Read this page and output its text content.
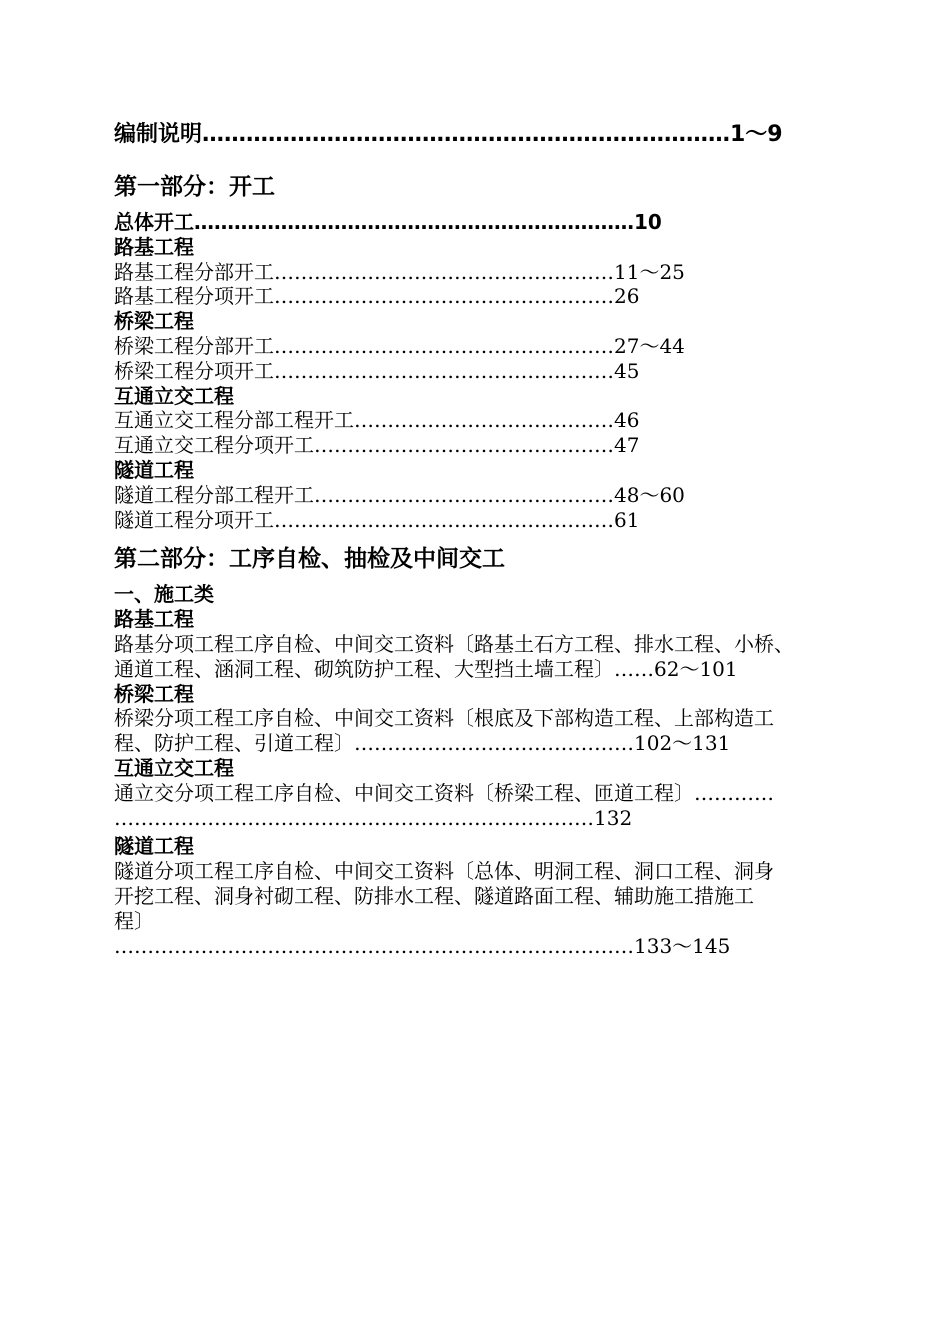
编制说明………………………………………………………………1～9
第一部分：开工
总体开工…………………………………………………………10
路基工程
路基工程分部开工……………………………………………11～25
路基工程分项开工……………………………………………26
桥梁工程
桥梁工程分部开工……………………………………………27～44
桥梁工程分项开工……………………………………………45
互通立交工程
互通立交工程分部工程开工…………………………………46
互通立交工程分项开工………………………………………47
隧道工程
隧道工程分部工程开工………………………………………48～60
隧道工程分项开工……………………………………………61
第二部分：工序自检、抽检及中间交工
一、施工类
路基工程
路基分项工程工序自检、中间交工资料〔路基土石方工程、排水工程、小桥、
通道工程、涵洞工程、砌筑防护工程、大型挡土墙工程〕……62～101
桥梁工程
桥梁分项工程工序自检、中间交工资料〔根底及下部构造工程、上部构造工
程、防护工程、引道工程〕……………………………………102～131
互通立交工程
通立交分项工程工序自检、中间交工资料〔桥梁工程、匝道工程〕…………
………………………………………………………………132
隧道工程
隧道分项工程工序自检、中间交工资料〔总体、明洞工程、洞口工程、洞身
开挖工程、洞身衬砌工程、防排水工程、隧道路面工程、辅助施工措施工
程〕
……………………………………………………………………133～145
